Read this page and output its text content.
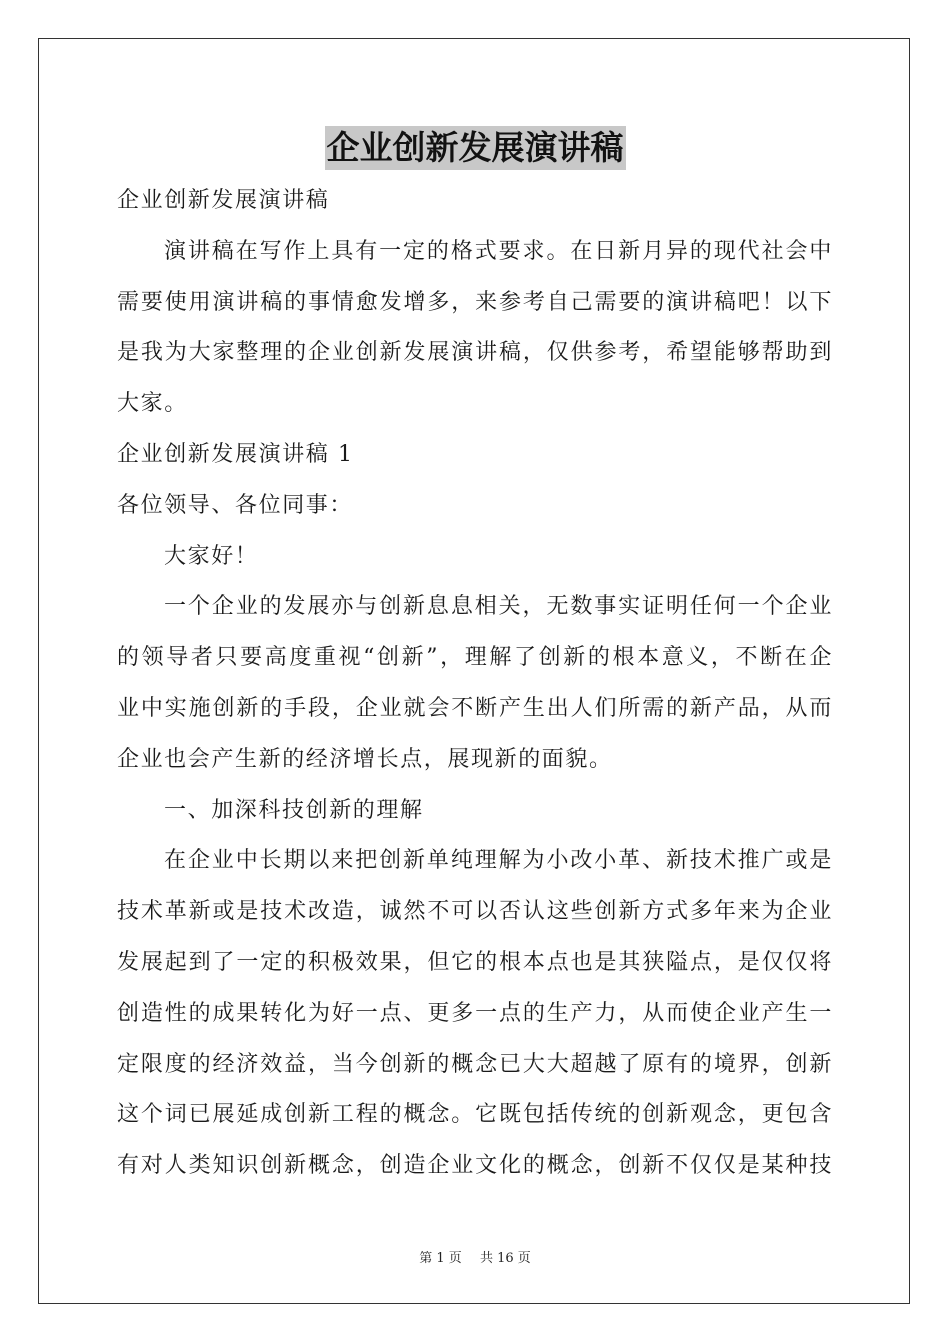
企业创新发展演讲稿
企业创新发展演讲稿
演讲稿在写作上具有一定的格式要求。在日新月异的现代社会中
需要使用演讲稿的事情愈发增多，来参考自己需要的演讲稿吧！以下
是我为大家整理的企业创新发展演讲稿，仅供参考，希望能够帮助到
大家。
企业创新发展演讲稿 1
各位领导、各位同事：
大家好！
一个企业的发展亦与创新息息相关，无数事实证明任何一个企业
的领导者只要高度重视“创新”，理解了创新的根本意义，不断在企
业中实施创新的手段，企业就会不断产生出人们所需的新产品，从而
企业也会产生新的经济增长点，展现新的面貌。
一、加深科技创新的理解
在企业中长期以来把创新单纯理解为小改小革、新技术推广或是
技术革新或是技术改造，诚然不可以否认这些创新方式多年来为企业
发展起到了一定的积极效果，但它的根本点也是其狭隘点，是仅仅将
创造性的成果转化为好一点、更多一点的生产力，从而使企业产生一
定限度的经济效益，当今创新的概念已大大超越了原有的境界，创新
这个词已展延成创新工程的概念。它既包括传统的创新观念，更包含
有对人类知识创新概念，创造企业文化的概念，创新不仅仅是某种技
第 1 页 共 16 页
